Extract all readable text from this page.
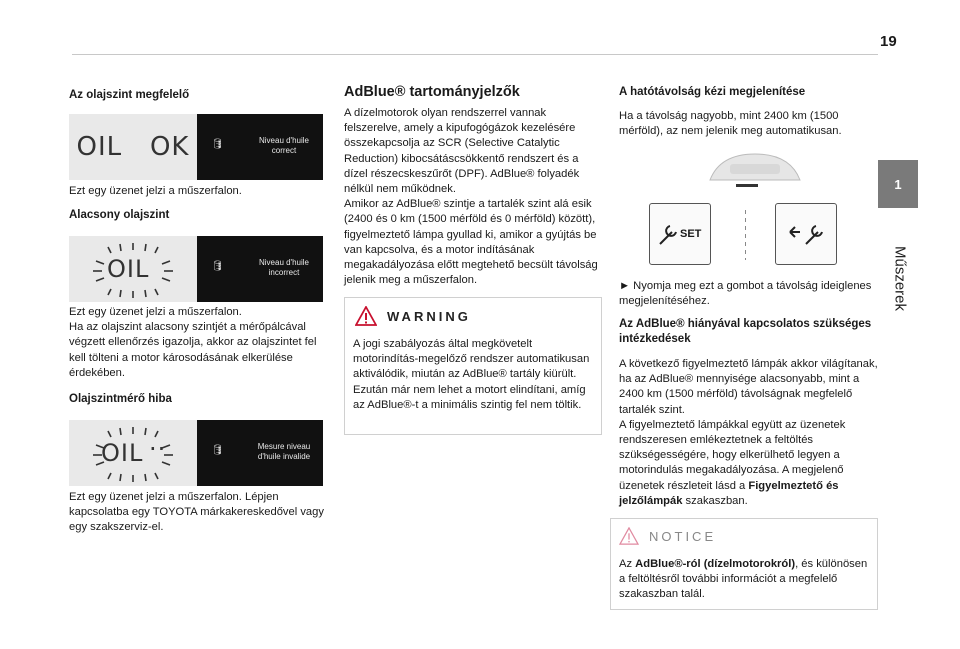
19
1
Műszerek
Az olajszint megfelelő
OIL   OK 🛢	Niveau d'huile
correct

Ezt egy üzenet jelzi a műszerfalon.

Alacsony olajszint
OIL	🛢	Niveau d'huile
incorrect

Ezt egy üzenet jelzi a műszerfalon.
Ha az olajszint alacsony szintjét a mérőpálcával végzett ellenőrzés igazolja, akkor az olajszintet fel kell tölteni a motor károsodásának elkerülése érdekében.

Olajszintmérő hiba
OIL ··	🛢	Mesure niveau
d'huile invalide

Ezt egy üzenet jelzi a műszerfalon. Lépjen kapcsolatba egy TOYOTA márkakereskedővel vagy egy szakszerviz-el.

AdBlue® tartományjelzők

A dízelmotorok olyan rendszerrel vannak felszerelve, amely a kipufogógázok kezelésére összekapcsolja az SCR (Selective Catalytic Reduction) kibocsátáscsökkentő rendszert és a dízel részecskeszűrőt (DPF). AdBlue® folyadék nélkül nem működnek.
Amikor az AdBlue® szintje a tartalék szint alá esik (2400 és 0 km (1500 mérföld és 0 mérföld) között), figyelmeztető lámpa gyullad ki, amikor a gyújtás be van kapcsolva, és a motor indításának megakadályozása előtt megtehető becsült távolság jelenik meg a műszerfalon.

WARNING

A jogi szabályozás által megkövetelt motorindítás-megelőző rendszer automatikusan aktiválódik, miután az AdBlue® tartály kiürült. Ezután már nem lehet a motort elindítani, amíg az AdBlue®-t a minimális szintig fel nem töltik.

A hatótávolság kézi megjelenítése

Ha a távolság nagyobb, mint 2400 km (1500 mérföld), az nem jelenik meg automatikusan.

SET

► Nyomja meg ezt a gombot a távolság ideiglenes megjelenítéséhez.

Az AdBlue® hiányával kapcsolatos szükséges intézkedések

A következő figyelmeztető lámpák akkor világítanak, ha az AdBlue® mennyisége alacsonyabb, mint a 2400 km (1500 mérföld) távolságnak megfelelő tartalék szint.
A figyelmeztető lámpákkal együtt az üzenetek rendszeresen emlékeztetnek a feltöltés szükségességére, hogy elkerülhető legyen a motorindulás megakadályozása. A megjelenő üzenetek részleteit lásd a Figyelmeztető és jelzőlámpák szakaszban.

NOTICE

Az AdBlue®-ról (dízelmotorokról), és különösen a feltöltésről további információt a megfelelő szakaszban talál.
